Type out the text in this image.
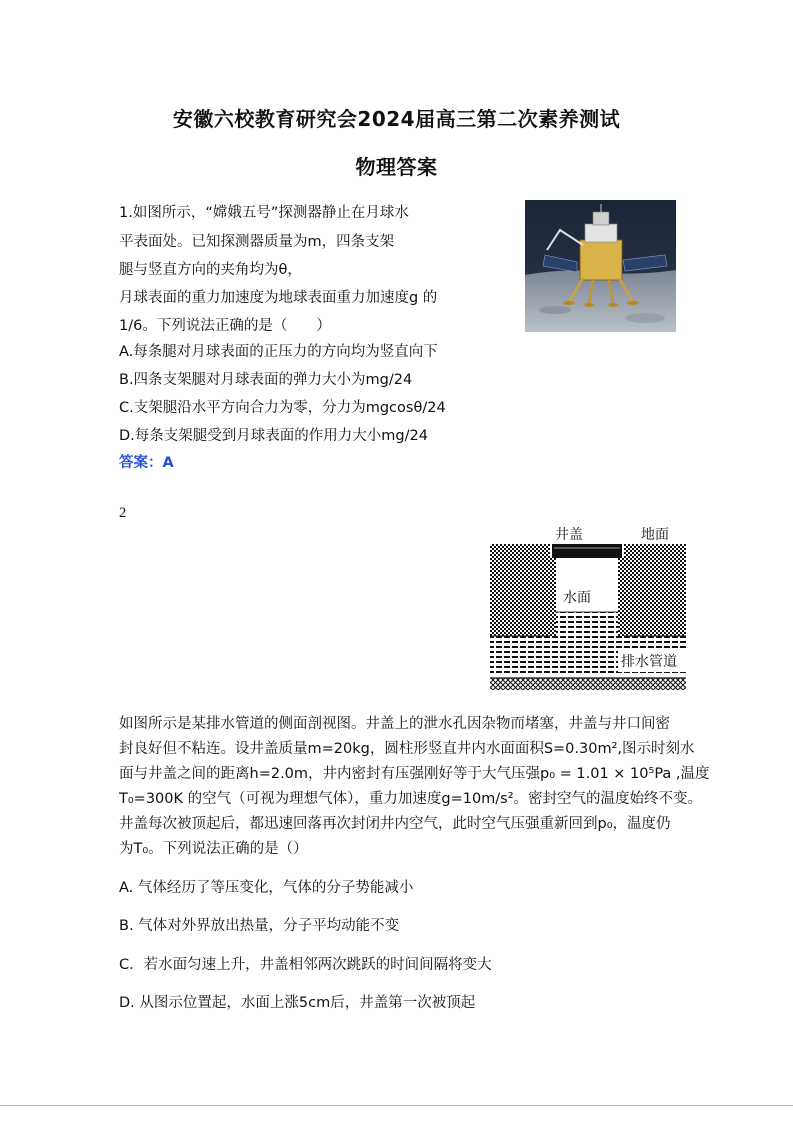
安徽六校教育研究会2024届高三第二次素养测试
物理答案
1.如图所示，“嫦娥五号”探测器静止在月球水
平表面处。已知探测器质量为m，四条支架
腿与竖直方向的夹角均为θ，
月球表面的重力加速度为地球表面重力加速度g 的
1/6。下列说法正确的是（　　）
A.每条腿对月球表面的正压力的方向均为竖直向下
B.四条支架腿对月球表面的弹力大小为mg/24
C.支架腿沿水平方向合力为零，分力为mgcosθ/24
D.每条支架腿受到月球表面的作用力大小mg/24
答案：A
2
井盖	地面
水面
排水管道
如图所示是某排水管道的侧面剖视图。井盖上的泄水孔因杂物而堵塞，井盖与井口间密
封良好但不粘连。设井盖质量m=20kg，圆柱形竖直井内水面面积S=0.30m²,图示时刻水
面与井盖之间的距离h=2.0m，井内密封有压强刚好等于大气压强p₀ = 1.01 × 10⁵Pa ,温度
T₀=300K 的空气（可视为理想气体），重力加速度g=10m/s²。密封空气的温度始终不变。
井盖每次被顶起后，都迅速回落再次封闭井内空气，此时空气压强重新回到p₀，温度仍
为T₀。下列说法正确的是（）
A. 气体经历了等压变化，气体的分子势能减小
B. 气体对外界放出热量，分子平均动能不变
C．若水面匀速上升，井盖相邻两次跳跃的时间间隔将变大
D. 从图示位置起，水面上涨5cm后，井盖第一次被顶起
